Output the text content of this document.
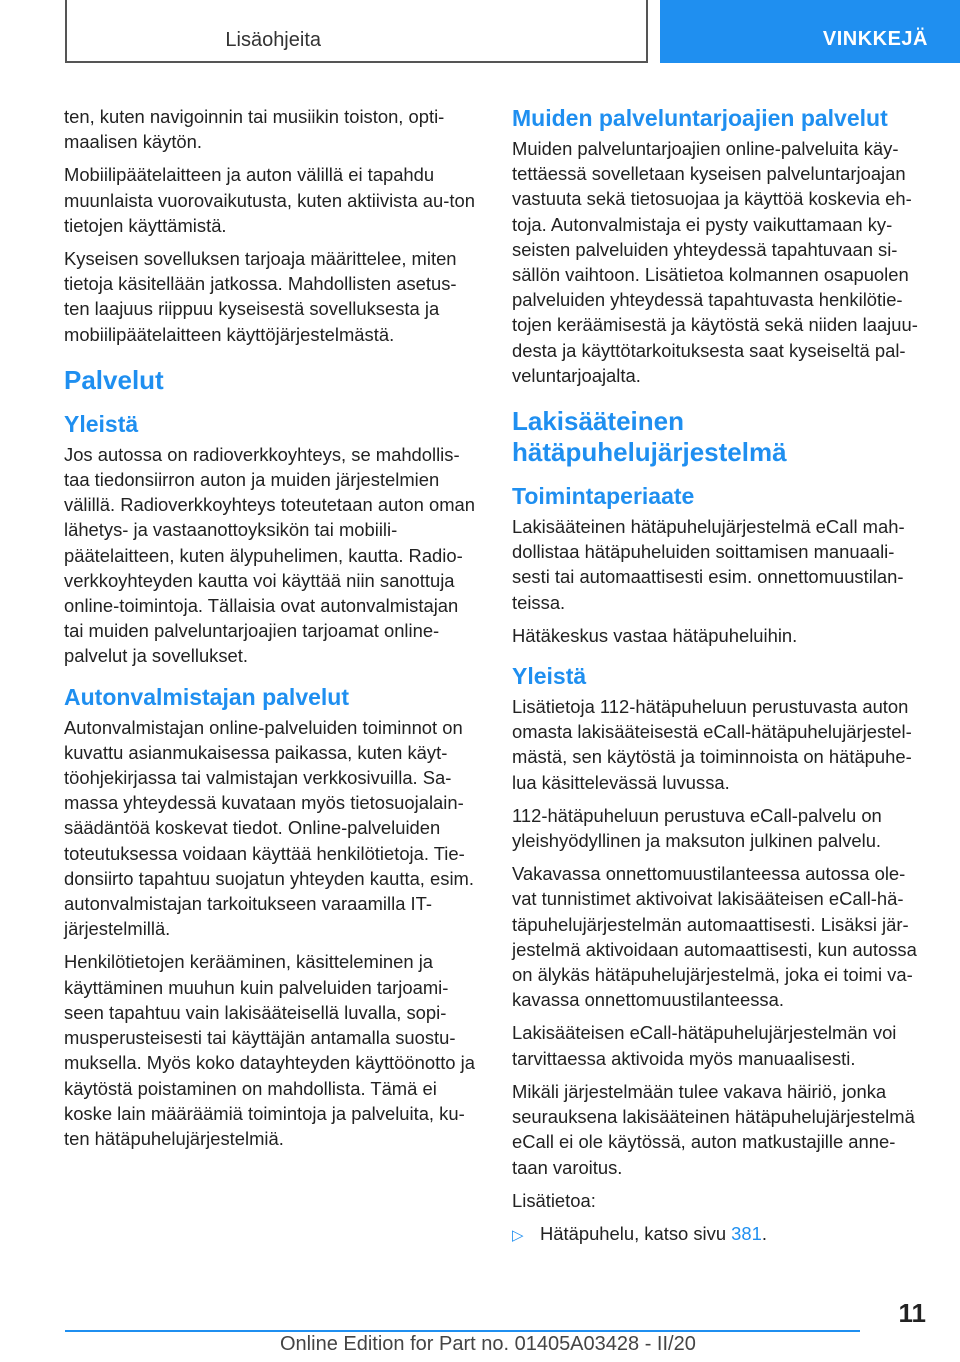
Lisäohjeita	VINKKEJÄ

ten, kuten navigoinnin tai musiikin toiston, opti-maalisen käytön.

Mobiilipäätelaitteen ja auton välillä ei tapahdu muunlaista vuorovaikutusta, kuten aktiivista au-ton tietojen käyttämistä.

Kyseisen sovelluksen tarjoaja määrittelee, miten tietoja käsitellään jatkossa. Mahdollisten asetus-ten laajuus riippuu kyseisestä sovelluksesta ja mobiilipäätelaitteen käyttöjärjestelmästä.

Palvelut
Yleistä

Jos autossa on radioverkkoyhteys, se mahdollis-taa tiedonsiirron auton ja muiden järjestelmien välillä. Radioverkkoyhteys toteutetaan auton oman lähetys- ja vastaanottoyksikön tai mobiili-päätelaitteen, kuten älypuhelimen, kautta. Radio-verkkoyhteyden kautta voi käyttää niin sanottuja online-toimintoja. Tällaisia ovat autonvalmistajan tai muiden palveluntarjoajien tarjoamat online-palvelut ja sovellukset.

Autonvalmistajan palvelut

Autonvalmistajan online-palveluiden toiminnot on kuvattu asianmukaisessa paikassa, kuten käyt-töohjekirjassa tai valmistajan verkkosivuilla. Sa-massa yhteydessä kuvataan myös tietosuojalain-säädäntöä koskevat tiedot. Online-palveluiden toteutuksessa voidaan käyttää henkilötietoja. Tie-donsiirto tapahtuu suojatun yhteyden kautta, esim. autonvalmistajan tarkoitukseen varaamilla IT-järjestelmillä.

Henkilötietojen kerääminen, käsitteleminen ja käyttäminen muuhun kuin palveluiden tarjoami-seen tapahtuu vain lakisääteisellä luvalla, sopi-musperusteisesti tai käyttäjän antamalla suostu-muksella. Myös koko datayhteyden käyttöönotto ja käytöstä poistaminen on mahdollista. Tämä ei koske lain määräämiä toimintoja ja palveluita, ku-ten hätäpuhelujärjestelmiä.

Muiden palveluntarjoajien palvelut

Muiden palveluntarjoajien online-palveluita käy-tettäessä sovelletaan kyseisen palveluntarjoajan vastuuta sekä tietosuojaa ja käyttöä koskevia eh-toja. Autonvalmistaja ei pysty vaikuttamaan ky-seisten palveluiden yhteydessä tapahtuvaan si-sällön vaihtoon. Lisätietoa kolmannen osapuolen palveluiden yhteydessä tapahtuvasta henkilötie-tojen keräämisestä ja käytöstä sekä niiden laajuu-desta ja käyttötarkoituksesta saat kyseiseltä pal-veluntarjoajalta.

Lakisääteinen hätäpuhelujärjestelmä
Toimintaperiaate

Lakisääteinen hätäpuhelujärjestelmä eCall mah-dollistaa hätäpuheluiden soittamisen manuaali-sesti tai automaattisesti esim. onnettomuustilan-teissa.

Hätäkeskus vastaa hätäpuheluihin.

Yleistä

Lisätietoja 112-hätäpuheluun perustuvasta auton omasta lakisääteisestä eCall-hätäpuhelujärjestel-mästä, sen käytöstä ja toiminnoista on hätäpuhe-lua käsittelevässä luvussa.

112-hätäpuheluun perustuva eCall-palvelu on yleishyödyllinen ja maksuton julkinen palvelu.

Vakavassa onnettomuustilanteessa autossa ole-vat tunnistimet aktivoivat lakisääteisen eCall-hä-täpuhelujärjestelmän automaattisesti. Lisäksi jär-jestelmä aktivoidaan automaattisesti, kun autossa on älykäs hätäpuhelujärjestelmä, joka ei toimi va-kavassa onnettomuustilanteessa.

Lakisääteisen eCall-hätäpuhelujärjestelmän voi tarvittaessa aktivoida myös manuaalisesti.

Mikäli järjestelmään tulee vakava häiriö, jonka seurauksena lakisääteinen hätäpuhelujärjestelmä eCall ei ole käytössä, auton matkustajille anne-taan varoitus.

Lisätietoa:

▷ Hätäpuhelu, katso sivu 381.
11
Online Edition for Part no. 01405A03428 - II/20
